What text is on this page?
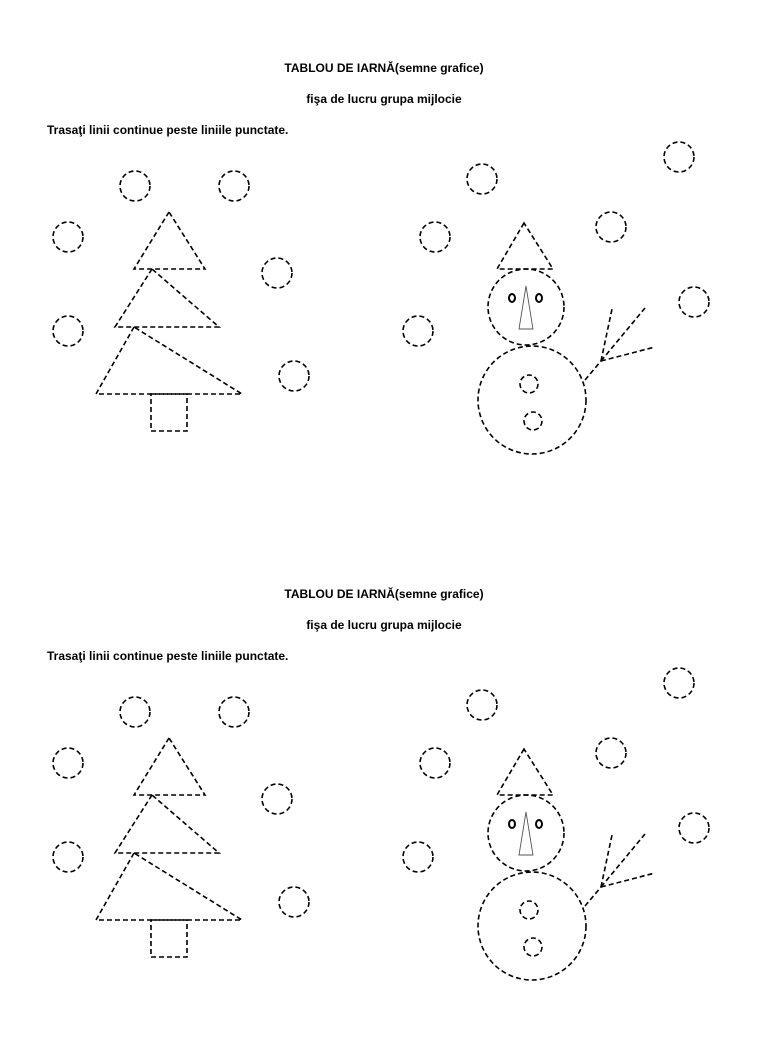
TABLOU DE IARNĂ(semne grafice)

fişa de lucru grupa mijlocie

Trasaţi linii continue peste liniile punctate.

TABLOU DE IARNĂ(semne grafice)

fişa de lucru grupa mijlocie

Trasaţi linii continue peste liniile punctate.
